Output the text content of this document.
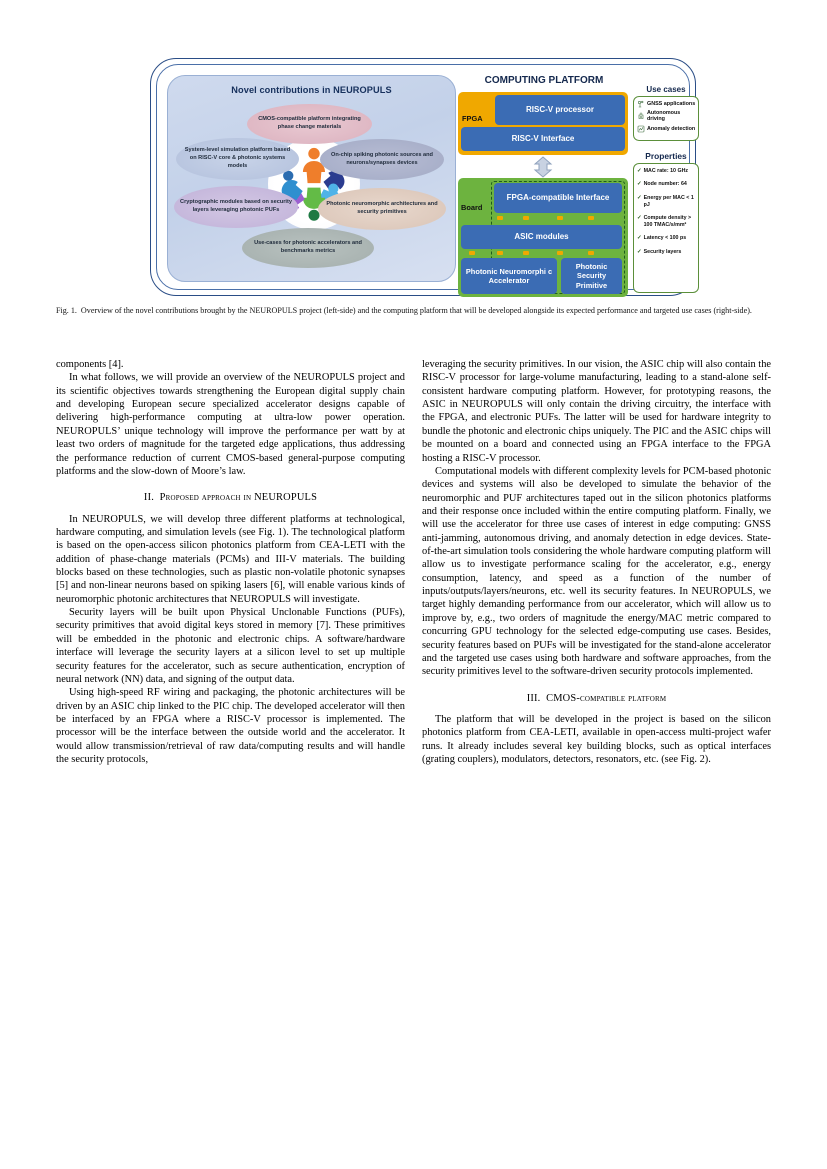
Novel contributions in NEUROPULS
CMOS-compatible platform integrating phase change materials
System-level simulation platform based on RISC-V core & photonic systems models
On-chip spiking photonic sources and neurons/synapses devices
Cryptographic modules based on security layers leveraging photonic PUFs
Photonic neuromorphic architectures and security primitives
Use-cases for photonic accelerators and benchmarks metrics
COMPUTING PLATFORM
FPGA
RISC-V processor
RISC-V Interface
Board
FPGA-compatible Interface
ASIC modules
Photonic Neuromorphi c Accelerator
Photonic Security Primitive
Use cases
GNSS applications
Autonomous driving
Anomaly detection
Properties
✓ MAC rate: 10 GHz
✓ Node number: 64
✓ Energy per MAC < 1 pJ
✓ Compute density > 100 TMAC/s/mm²
✓ Latency < 100 ps
✓ Security layers
Fig. 1. Overview of the novel contributions brought by the NEUROPULS project (left-side) and the computing platform that will be developed alongside its expected performance and targeted use cases (right-side).

components [4].

In what follows, we will provide an overview of the NEUROPULS project and its scientific objectives towards strengthening the European digital supply chain and developing European secure specialized accelerator designs capable of delivering high-performance computing at ultra-low power operation. NEUROPULS’ unique technology will improve the performance per watt by at least two orders of magnitude for the targeted edge applications, thus addressing the performance reduction of current CMOS-based general-purpose computing platforms and the slow-down of Moore’s law.

II. Proposed approach in NEUROPULS

In NEUROPULS, we will develop three different platforms at technological, hardware computing, and simulation levels (see Fig. 1). The technological platform is based on the open-access silicon photonics platform from CEA-LETI with the addition of phase-change materials (PCMs) and III-V materials. The building blocks based on these technologies, such as plastic non-volatile photonic synapses [5] and non-linear neurons based on spiking lasers [6], will enable various kinds of neuromorphic photonic architectures that NEUROPULS will investigate.

Security layers will be built upon Physical Unclonable Functions (PUFs), security primitives that avoid digital keys stored in memory [7]. These primitives will be embedded in the photonic and electronic chips. A software/hardware interface will leverage the security layers at a silicon level to set up multiple security features for the accelerator, such as secure authentication, encryption of neural network (NN) data, and signing of the output data.

Using high-speed RF wiring and packaging, the photonic architectures will be driven by an ASIC chip linked to the PIC chip. The developed accelerator will then be interfaced by an FPGA where a RISC-V processor is implemented. The processor will be the interface between the outside world and the accelerator. It would allow transmission/retrieval of raw data/computing results and will handle the security protocols,

leveraging the security primitives. In our vision, the ASIC chip will also contain the RISC-V processor for large-volume manufacturing, leading to a stand-alone self-consistent hardware computing platform. However, for prototyping reasons, the ASIC in NEUROPULS will only contain the driving circuitry, the interface with the FPGA, and electronic PUFs. The latter will be used for hardware integrity to bundle the photonic and electronic chips uniquely. The PIC and the ASIC chips will be mounted on a board and connected using an FPGA interface to the FPGA hosting a RISC-V processor.

Computational models with different complexity levels for PCM-based photonic devices and systems will also be developed to simulate the behavior of the neuromorphic and PUF architectures taped out in the silicon photonics platforms and their response once included within the entire computing platform. Finally, we will use the accelerator for three use cases of interest in edge computing: GNSS anti-jamming, autonomous driving, and anomaly detection in edge devices. State-of-the-art simulation tools considering the whole hardware computing platform will allow us to investigate performance scaling for the accelerator, e.g., energy consumption, latency, and speed as a function of the number of inputs/outputs/layers/neurons, etc. well its security features. In NEUROPULS, we target highly demanding performance from our accelerator, which will allow us to improve by, e.g., two orders of magnitude the energy/MAC metric compared to concurring GPU technology for the selected edge-computing use cases. Besides, security features based on PUFs will be investigated for the stand-alone accelerator and the targeted use cases using both hardware and software approaches, from the security primitives level to the software-driven security protocols implemented.

III. CMOS-compatible platform

The platform that will be developed in the project is based on the silicon photonics platform from CEA-LETI, available in open-access multi-project wafer runs. It already includes several key building blocks, such as optical interfaces (grating couplers), modulators, detectors, resonators, etc. (see Fig. 2).
